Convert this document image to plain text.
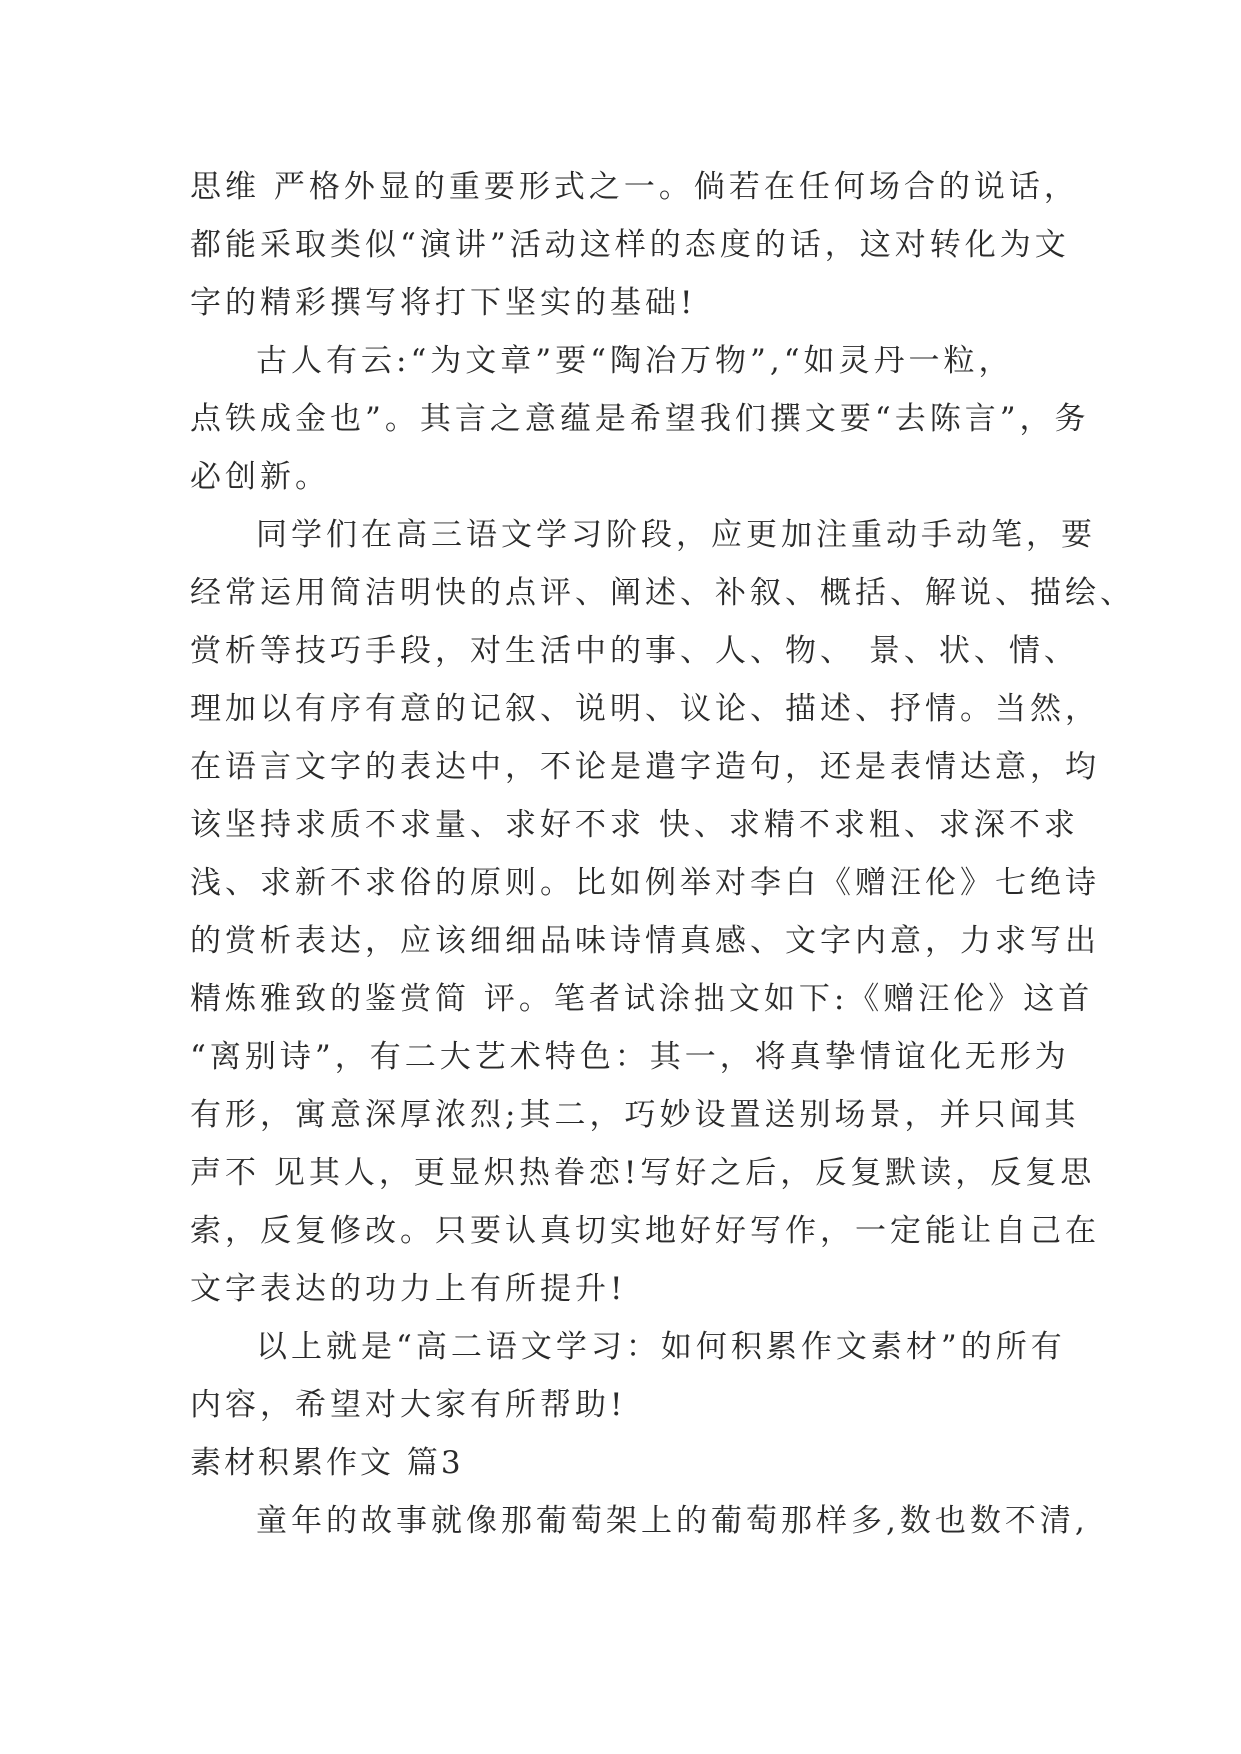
思维 严格外显的重要形式之一。倘若在任何场合的说话，
都能采取类似“演讲”活动这样的态度的话，这对转化为文
字的精彩撰写将打下坚实的基础!
古人有云:“为文章”要“陶冶万物”,“如灵丹一粒，
点铁成金也”。其言之意蕴是希望我们撰文要“去陈言”，务
必创新。
同学们在高三语文学习阶段，应更加注重动手动笔，要
经常运用简洁明快的点评、阐述、补叙、概括、解说、描绘、
赏析等技巧手段，对生活中的事、人、物、 景、状、情、
理加以有序有意的记叙、说明、议论、描述、抒情。当然，
在语言文字的表达中，不论是遣字造句，还是表情达意，均
该坚持求质不求量、求好不求 快、求精不求粗、求深不求
浅、求新不求俗的原则。比如例举对李白《赠汪伦》七绝诗
的赏析表达，应该细细品味诗情真感、文字内意，力求写出
精炼雅致的鉴赏简 评。笔者试涂拙文如下:《赠汪伦》这首
“离别诗”，有二大艺术特色：其一，将真挚情谊化无形为
有形，寓意深厚浓烈;其二，巧妙设置送别场景，并只闻其
声不 见其人，更显炽热眷恋!写好之后，反复默读，反复思
索，反复修改。只要认真切实地好好写作，一定能让自己在
文字表达的功力上有所提升!
以上就是“高二语文学习：如何积累作文素材”的所有
内容，希望对大家有所帮助!
素材积累作文 篇3
童年的故事就像那葡萄架上的葡萄那样多,数也数不清,
